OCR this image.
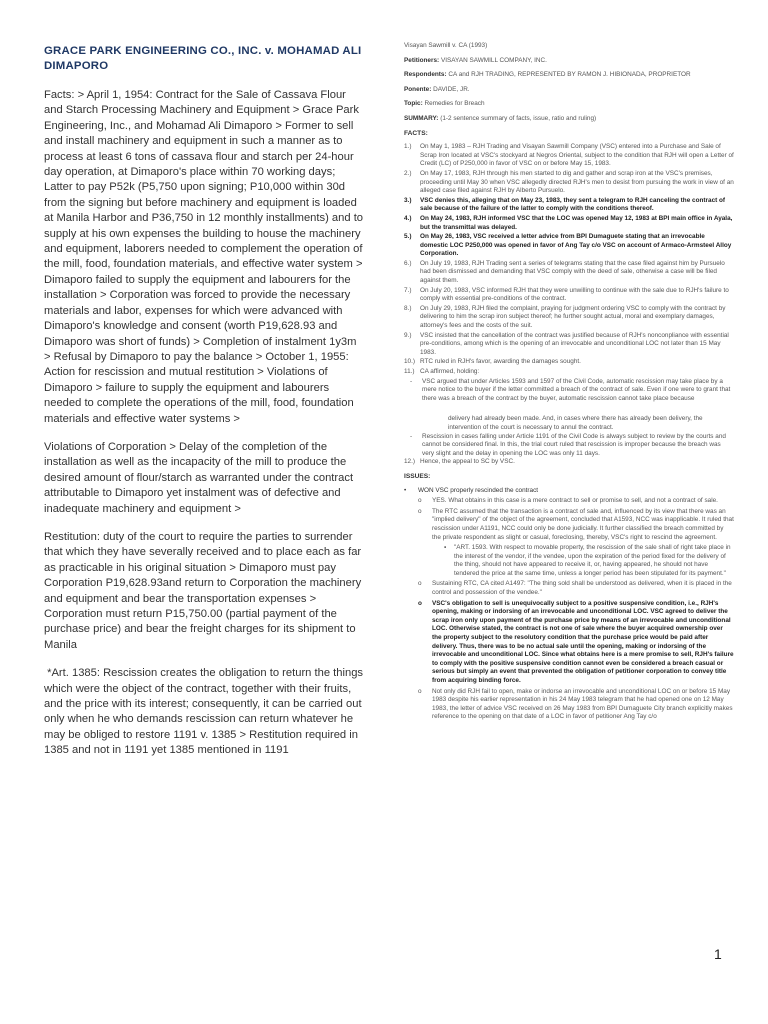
GRACE PARK ENGINEERING CO., INC. v. MOHAMAD ALI DIMAPORO

Facts: > April 1, 1954: Contract for the Sale of Cassava Flour and Starch Processing Machinery and Equipment > Grace Park Engineering, Inc., and Mohamad Ali Dimaporo > Former to sell and install machinery and equipment in such a manner as to process at least 6 tons of cassava flour and starch per 24-hour day operation, at Dimaporo's place within 70 working days; Latter to pay P52k (P5,750 upon signing; P10,000 within 30d from the signing but before machinery and equipment is loaded at Manila Harbor and P36,750 in 12 monthly installments) and to supply at his own expenses the building to house the machinery and equipment, laborers needed to complement the operation of the mill, food, foundation materials, and effective water system > Dimaporo failed to supply the equipment and labourers for the installation > Corporation was forced to provide the necessary materials and labor, expenses for which were advanced with Dimaporo's knowledge and consent (worth P19,628.93 and Dimaporo was short of funds) > Completion of instalment 1y3m > Refusal by Dimaporo to pay the balance > October 1, 1955: Action for rescission and mutual restitution > Violations of Dimaporo > failure to supply the equipment and labourers needed to complete the operations of the mill, food, foundation materials and effective water systems >

Violations of Corporation > Delay of the completion of the installation as well as the incapacity of the mill to produce the desired amount of flour/starch as warranted under the contract attributable to Dimaporo yet instalment was of defective and inadequate machinery and equipment >

Restitution: duty of the court to require the parties to surrender that which they have severally received and to place each as far as practicable in his original situation > Dimaporo must pay Corporation P19,628.93and return to Corporation the machinery and equipment and bear the transportation expenses > Corporation must return P15,750.00 (partial payment of the purchase price) and bear the freight charges for its shipment to Manila

*Art. 1385: Rescission creates the obligation to return the things which were the object of the contract, together with their fruits, and the price with its interest; consequently, it can be carried out only when he who demands rescission can return whatever he may be obliged to restore 1191 v. 1385 > Restitution required in 1385 and not in 1191 yet 1385 mentioned in 1191

Visayan Sawmill v. CA (1993)
Petitioners: VISAYAN SAWMILL COMPANY, INC.
Respondents: CA and RJH TRADING, REPRESENTED BY RAMON J. HIBIONADA, PROPRIETOR
Ponente: DAVIDE, JR.
Topic: Remedies for Breach
SUMMARY: (1-2 sentence summary of facts, issue, ratio and ruling)
FACTS:
1.) On May 1, 1983 – RJH Trading and Visayan Sawmill Company (VSC) entered into a Purchase and Sale of Scrap Iron located at VSC's stockyard at Negros Oriental, subject to the condition that RJH will open a Letter of Credit (LC) of P250,000 in favor of VSC on or before May 15, 1983.
2.) On May 17, 1983, RJH through his men started to dig and gather and scrap iron at the VSC's premises, proceeding until May 30 when VSC allegedly directed RJH's men to desist from pursuing the work in view of an alleged case filed against RJH by Alberto Pursuelo.
3.) VSC denies this, alleging that on May 23, 1983, they sent a telegram to RJH canceling the contract of sale because of the failure of the latter to comply with the conditions thereof.
4.) On May 24, 1983, RJH informed VSC that the LOC was opened May 12, 1983 at BPI main office in Ayala, but the transmittal was delayed.
5.) On May 26, 1983, VSC received a letter advice from BPI Dumaguete stating that an irrevocable domestic LOC P250,000 was opened in favor of Ang Tay c/o VSC on account of Armaco-Armsteel Alloy Corporation.
6.) On July 19, 1983, RJH Trading sent a series of telegrams stating that the case filed against him by Pursuelo had been dismissed and demanding that VSC comply with the deed of sale, otherwise a case will be filed against them.
7.) On July 20, 1983, VSC informed RJH that they were unwilling to continue with the sale due to RJH's failure to comply with essential pre-conditions of the contract.
8.) On July 29, 1983, RJH filed the complaint, praying for judgment ordering VSC to comply with the contract by delivering to him the scrap iron subject thereof; he further sought actual, moral and exemplary damages, attorney's fees and the costs of the suit.
9.) VSC insisted that the cancellation of the contract was justified because of RJH's nonconpliance with essential pre-conditions, among which is the opening of an irrevocable and unconditional LOC not later than 15 May 1983.
10.) RTC ruled in RJH's favor, awarding the damages sought.
11.) CA affirmed, holding:
- VSC argued that under Articles 1593 and 1597 of the Civil Code, automatic rescission may take place by a mere notice to the buyer if the letter committed a breach of the contract of sale. Even if one were to grant that there was a breach of the contract by the buyer, automatic rescission cannot take place because
delivery had already been made. And, in cases where there has already been delivery, the intervention of the court is necessary to annul the contract.
- Rescission in cases falling under Article 1191 of the Civil Code is always subject to review by the courts and cannot be considered final. In this, the trial court ruled that rescission is improper because the breach was very slight and the delay in opening the LOC was only 11 days.
12.) Hence, the appeal to SC by VSC.
ISSUES:
• WON VSC properly rescinded the contract
o YES. What obtains in this case is a mere contract to sell or promise to sell, and not a contract of sale.
o The RTC assumed that the transaction is a contract of sale and, influenced by its view that there was an "implied delivery" of the object of the agreement, concluded that A1593, NCC was inapplicable. It ruled that rescission under A1191, NCC could only be done judicially. It further classified the breach committed by the private respondent as slight or casual, foreclosing, thereby, VSC's right to rescind the agreement.
▪ "ART. 1593. With respect to movable property, the rescission of the sale shall of right take place in the interest of the vendor, if the vendee, upon the expiration of the period fixed for the delivery of the thing, should not have appeared to receive it, or, having appeared, he should not have tendered the price at the same time, unless a longer period has been stipulated for its payment."
o Sustaining RTC, CA cited A1497: "The thing sold shall be understood as delivered, when it is placed in the control and possession of the vendee."
o VSC's obligation to sell is unequivocally subject to a positive suspensive condition, i.e., RJH's opening, making or indorsing of an irrevocable and unconditional LOC. VSC agreed to deliver the scrap iron only upon payment of the purchase price by means of an irrevocable and unconditional LOC. Otherwise stated, the contract is not one of sale where the buyer acquired ownership over the property subject to the resolutory condition that the purchase price would be paid after delivery. Thus, there was to be no actual sale until the opening, making or indorsing of the irrevocable and unconditional LOC. Since what obtains here is a mere promise to sell, RJH's failure to comply with the positive suspensive condition cannot even be considered a breach casual or serious but simply an event that prevented the obligation of petitioner corporation to convey title from acquiring binding force.
o Not only did RJH fail to open, make or indorse an irrevocable and unconditional LOC on or before 15 May 1983 despite his earlier representation in his 24 May 1983 telegram that he had opened one on 12 May 1983, the letter of advice VSC received on 26 May 1983 from BPI Dumaguete City branch explicitly makes reference to the opening on that date of a LOC in favor of petitioner Ang Tay c/o
1
